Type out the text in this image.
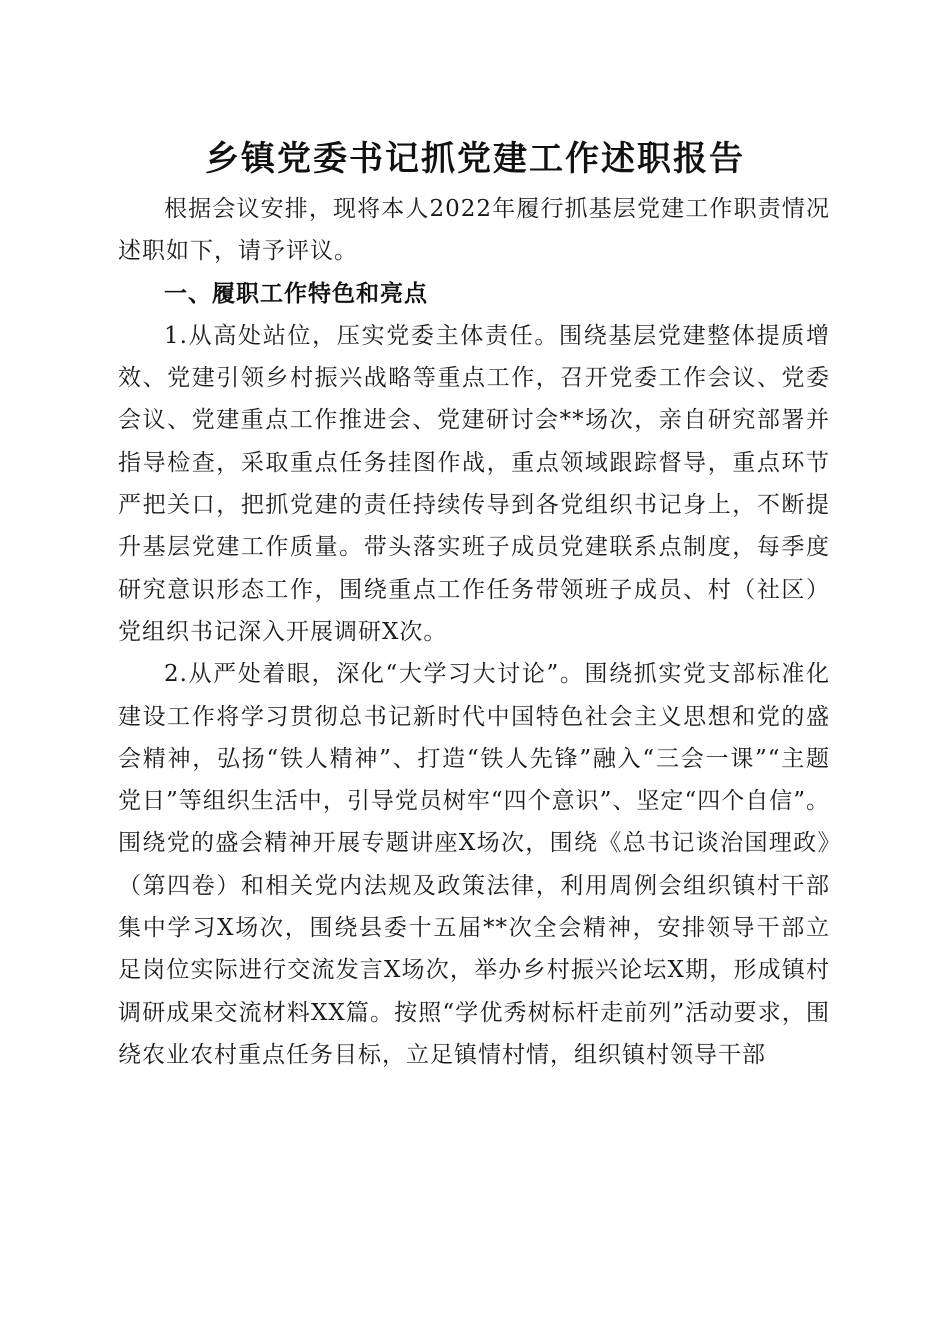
乡镇党委书记抓党建工作述职报告

根据会议安排，现将本人2022年履行抓基层党建工作职责情况述职如下，请予评议。

一、履职工作特色和亮点

1.从高处站位，压实党委主体责任。围绕基层党建整体提质增效、党建引领乡村振兴战略等重点工作，召开党委工作会议、党委会议、党建重点工作推进会、党建研讨会**场次，亲自研究部署并指导检查，采取重点任务挂图作战，重点领域跟踪督导，重点环节严把关口，把抓党建的责任持续传导到各党组织书记身上，不断提升基层党建工作质量。带头落实班子成员党建联系点制度，每季度研究意识形态工作，围绕重点工作任务带领班子成员、村（社区）党组织书记深入开展调研X次。

2.从严处着眼，深化“大学习大讨论”。围绕抓实党支部标准化建设工作将学习贯彻总书记新时代中国特色社会主义思想和党的盛会精神，弘扬“铁人精神”、打造“铁人先锋”融入“三会一课”“主题党日”等组织生活中，引导党员树牢“四个意识”、坚定“四个自信”。围绕党的盛会精神开展专题讲座X场次，围绕《总书记谈治国理政》（第四卷）和相关党内法规及政策法律，利用周例会组织镇村干部集中学习X场次，围绕县委十五届**次全会精神，安排领导干部立足岗位实际进行交流发言X场次，举办乡村振兴论坛X期，形成镇村调研成果交流材料XX篇。按照“学优秀树标杆走前列”活动要求，围绕农业农村重点任务目标，立足镇情村情，组织镇村领导干部
